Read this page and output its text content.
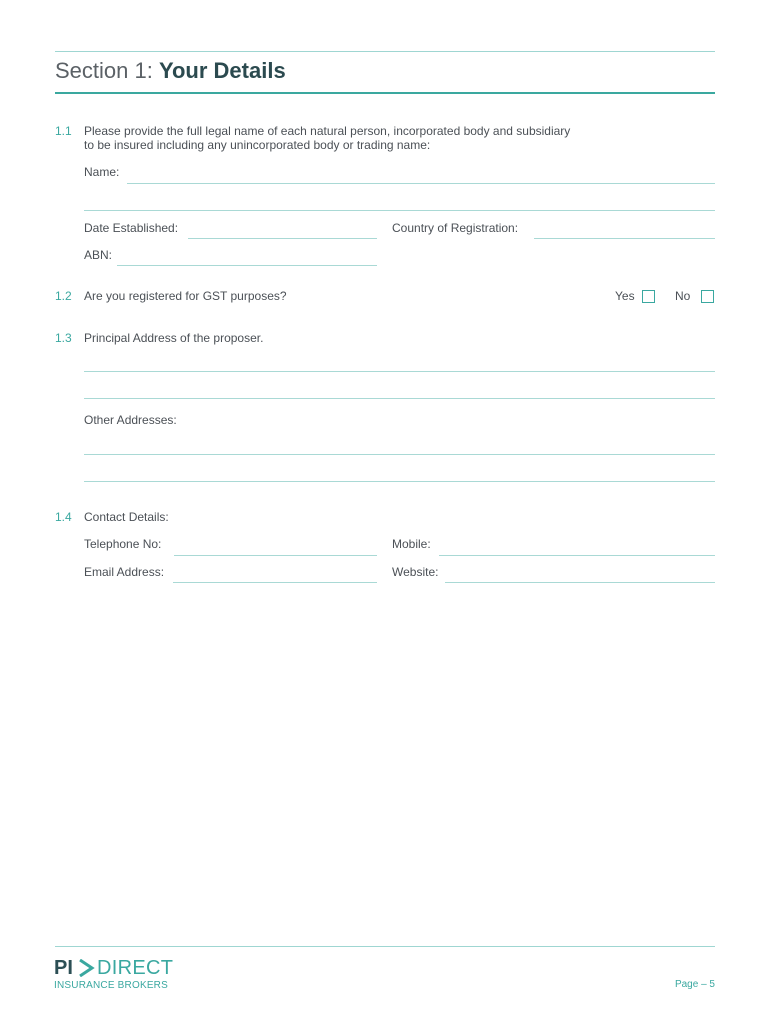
Section 1: Your Details
1.1 Please provide the full legal name of each natural person, incorporated body and subsidiary
to be insured including any unincorporated body or trading name:
Name:
Date Established:	Country of Registration:
ABN:
1.2 Are you registered for GST purposes?	Yes	No
1.3 Principal Address of the proposer.
Other Addresses:
1.4 Contact Details:
Telephone No:	Mobile:
Email Address:	Website:
PI DIRECT
INSURANCE BROKERS	Page – 5
